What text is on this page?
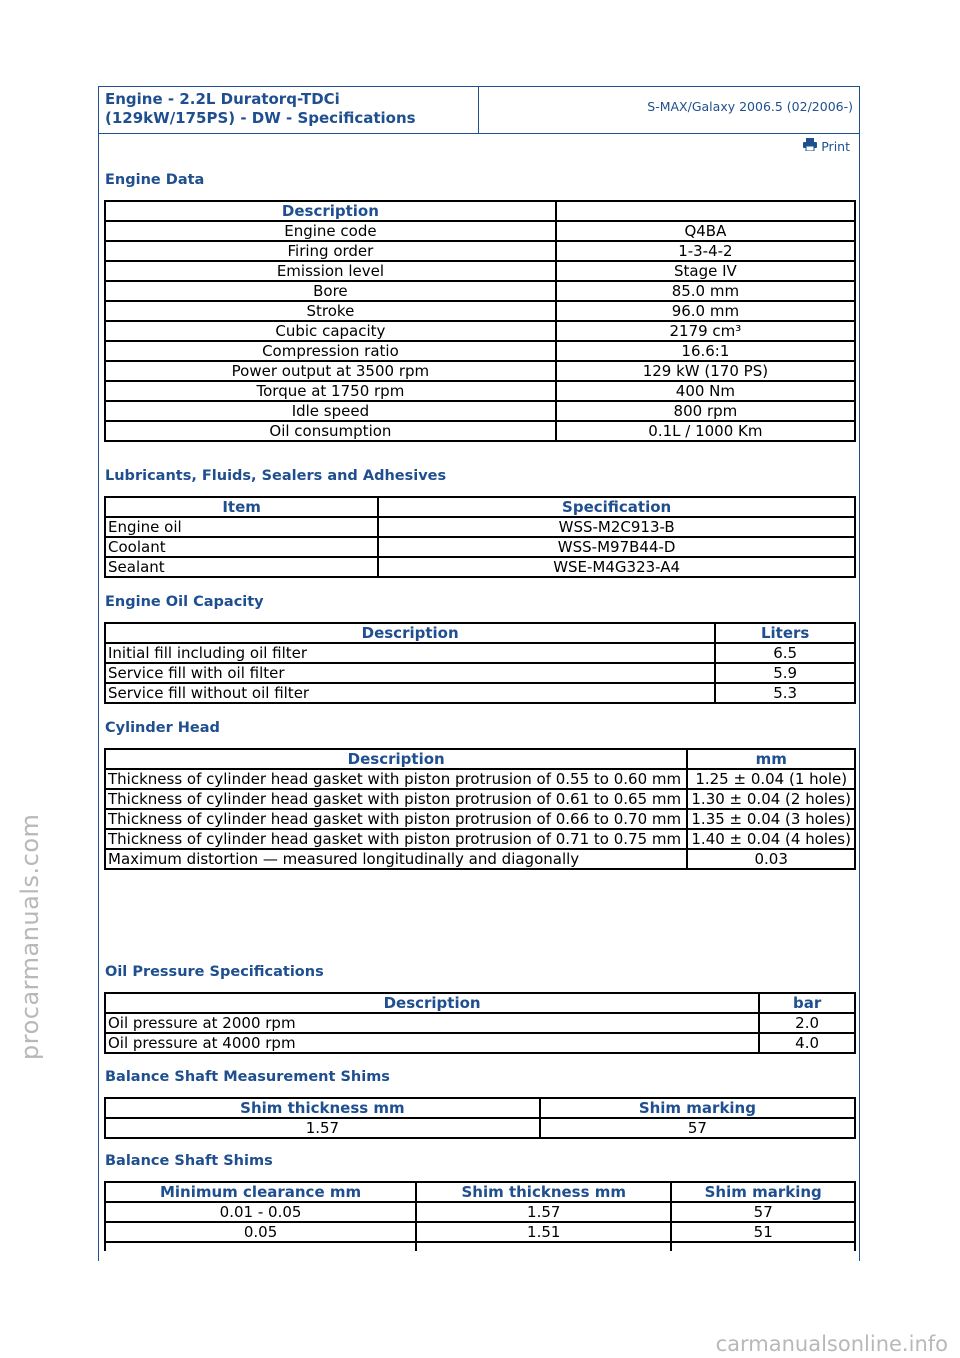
Engine - 2.2L Duratorq-TDCi
(129kW/175PS) - DW - Specifications
S-MAX/Galaxy 2006.5 (02/2006-)
Print
Engine Data
Description	
Engine code	Q4BA
Firing order	1-3-4-2
Emission level	Stage IV
Bore	85.0 mm
Stroke	96.0 mm
Cubic capacity	2179 cm³
Compression ratio	16.6:1
Power output at 3500 rpm	129 kW (170 PS)
Torque at 1750 rpm	400 Nm
Idle speed	800 rpm
Oil consumption	0.1L / 1000 Km
Lubricants, Fluids, Sealers and Adhesives
Item	Specification
Engine oil	WSS-M2C913-B
Coolant	WSS-M97B44-D
Sealant	WSE-M4G323-A4
Engine Oil Capacity
Description	Liters
Initial fill including oil filter	6.5
Service fill with oil filter	5.9
Service fill without oil filter	5.3
Cylinder Head
Description	mm
Thickness of cylinder head gasket with piston protrusion of 0.55 to 0.60 mm	1.25 ± 0.04 (1 hole)
Thickness of cylinder head gasket with piston protrusion of 0.61 to 0.65 mm	1.30 ± 0.04 (2 holes)
Thickness of cylinder head gasket with piston protrusion of 0.66 to 0.70 mm	1.35 ± 0.04 (3 holes)
Thickness of cylinder head gasket with piston protrusion of 0.71 to 0.75 mm	1.40 ± 0.04 (4 holes)
Maximum distortion — measured longitudinally and diagonally	0.03
Oil Pressure Specifications
Description	bar
Oil pressure at 2000 rpm	2.0
Oil pressure at 4000 rpm	4.0
Balance Shaft Measurement Shims
Shim thickness mm	Shim marking
1.57	57
Balance Shaft Shims
Minimum clearance mm	Shim thickness mm	Shim marking
0.01 - 0.05	1.57	57
0.05	1.51	51

procarmanuals.com
carmanualsonline.info
